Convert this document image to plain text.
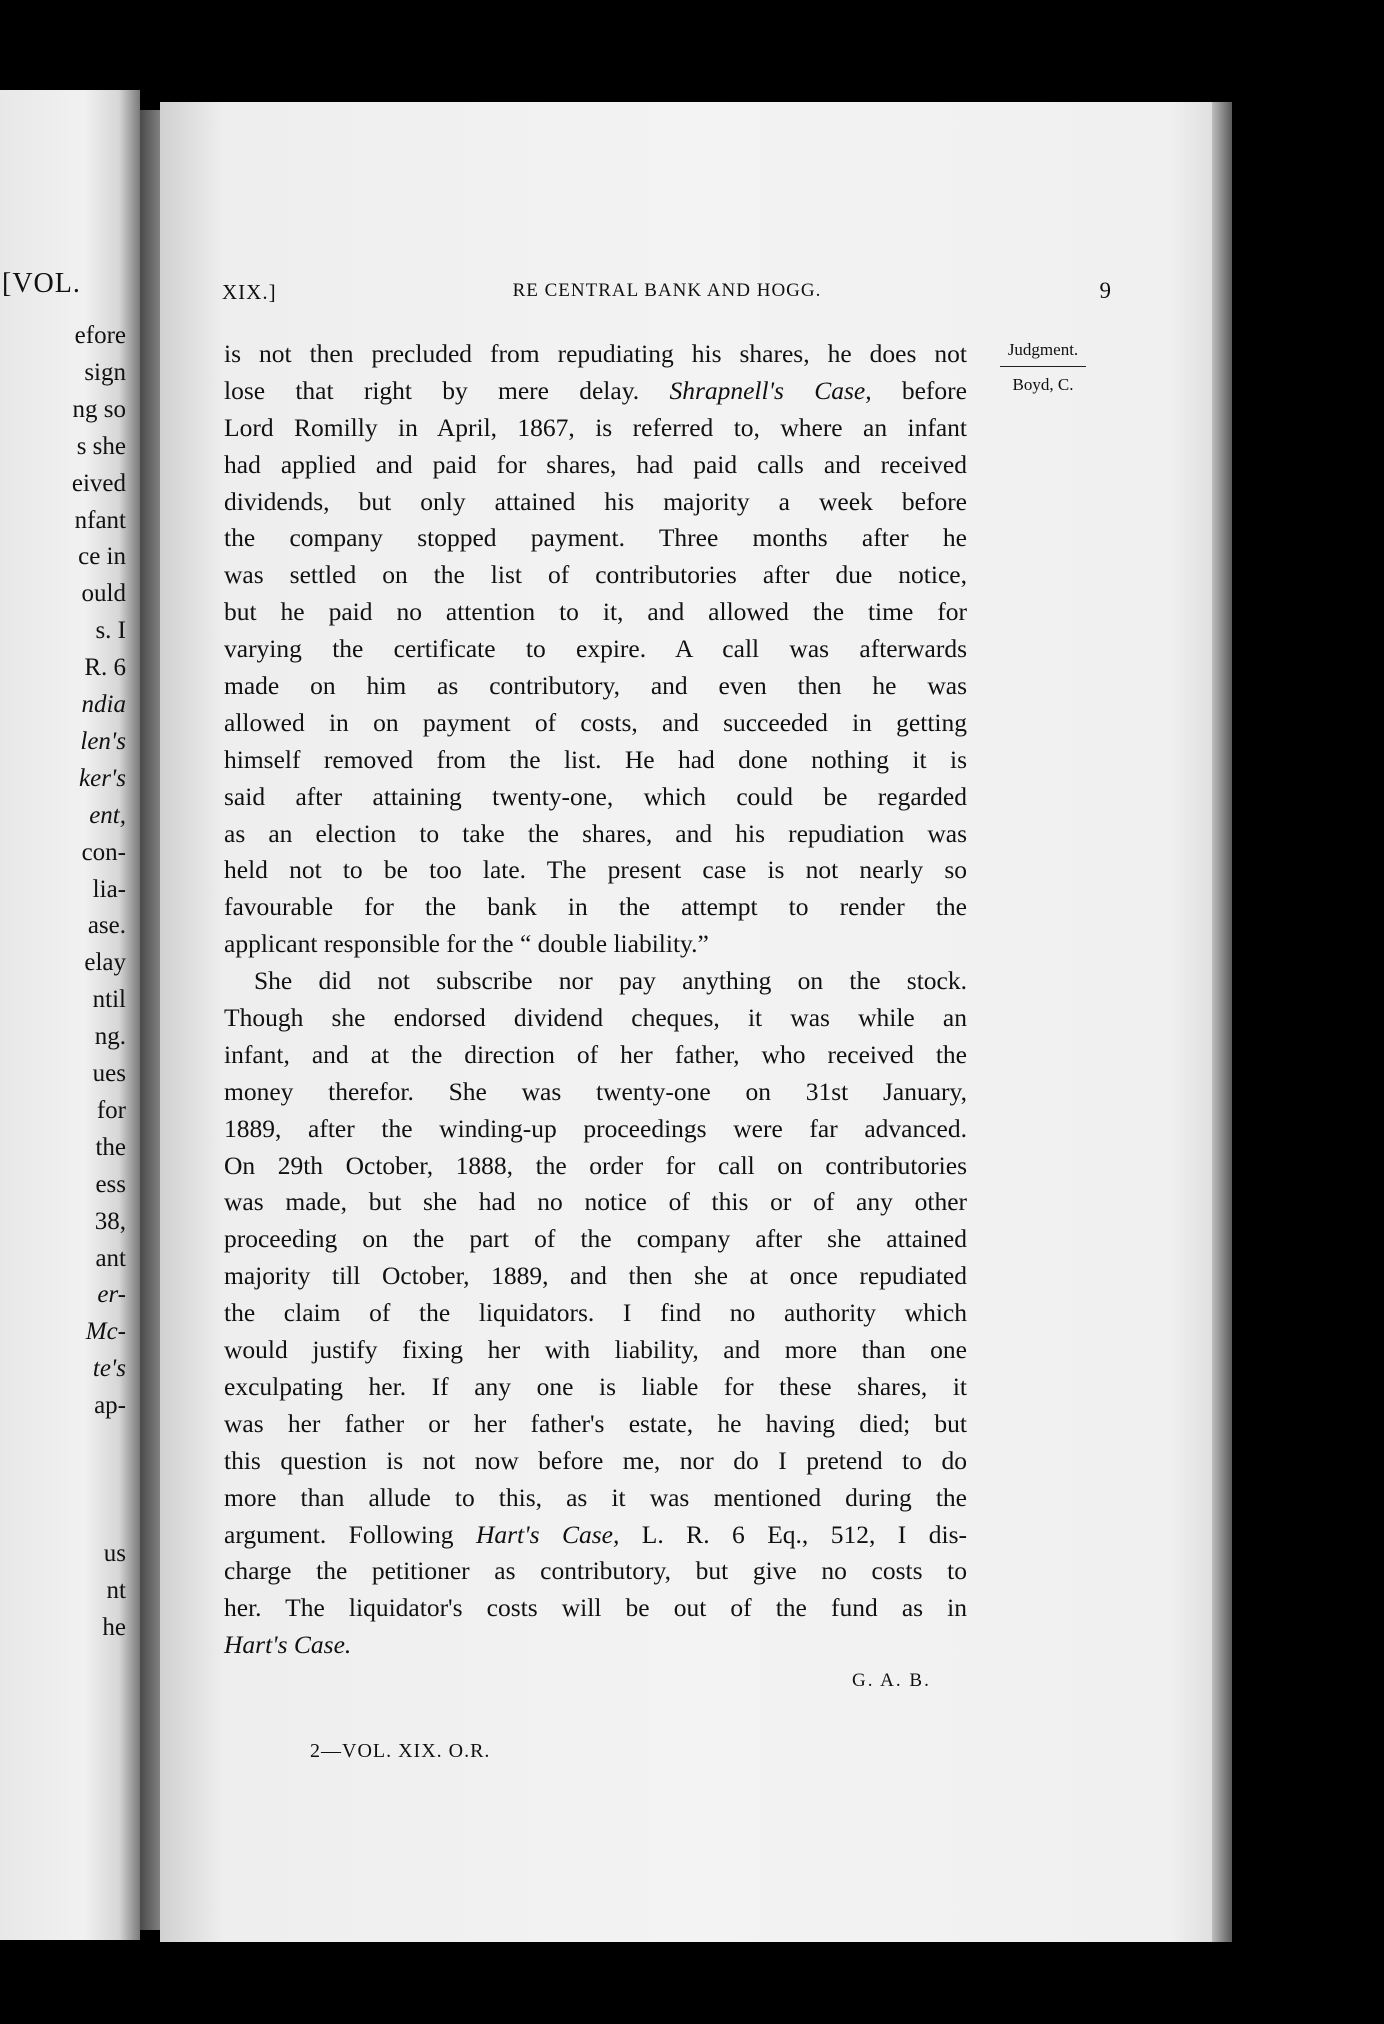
[VOL.
efore
sign
ng so
s she
eived
nfant
ce in
ould
s. I
R. 6
ndia
len's
ker's
ent,
con-
lia-
ase.
elay
ntil
ng.
ues
for
the
ess
38,
ant
er-
Mc-
te's
ap-
us
nt
he
XIX.]	RE CENTRAL BANK AND HOGG.	9
Judgment.
Boyd, C.
is not then precluded from repudiating his shares, he does not
lose that right by mere delay. Shrapnell's Case, before
Lord Romilly in April, 1867, is referred to, where an infant
had applied and paid for shares, had paid calls and received
dividends, but only attained his majority a week before
the company stopped payment. Three months after he
was settled on the list of contributories after due notice,
but he paid no attention to it, and allowed the time for
varying the certificate to expire. A call was afterwards
made on him as contributory, and even then he was
allowed in on payment of costs, and succeeded in getting
himself removed from the list. He had done nothing it is
said after attaining twenty-one, which could be regarded
as an election to take the shares, and his repudiation was
held not to be too late. The present case is not nearly so
favourable for the bank in the attempt to render the
applicant responsible for the “ double liability.”
She did not subscribe nor pay anything on the stock.
Though she endorsed dividend cheques, it was while an
infant, and at the direction of her father, who received the
money therefor. She was twenty-one on 31st January,
1889, after the winding-up proceedings were far advanced.
On 29th October, 1888, the order for call on contributories
was made, but she had no notice of this or of any other
proceeding on the part of the company after she attained
majority till October, 1889, and then she at once repudiated
the claim of the liquidators. I find no authority which
would justify fixing her with liability, and more than one
exculpating her. If any one is liable for these shares, it
was her father or her father's estate, he having died; but
this question is not now before me, nor do I pretend to do
more than allude to this, as it was mentioned during the
argument. Following Hart's Case, L. R. 6 Eq., 512, I dis-
charge the petitioner as contributory, but give no costs to
her. The liquidator's costs will be out of the fund as in
Hart's Case.
G. A. B.
2—VOL. XIX. O.R.
